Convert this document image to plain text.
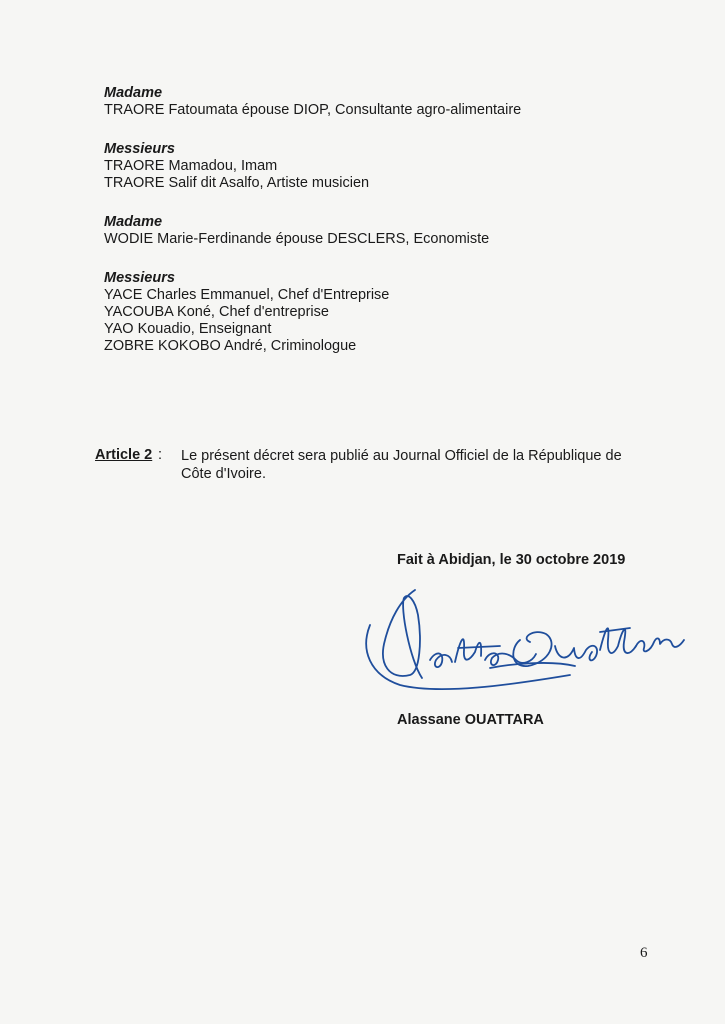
Madame
TRAORE Fatoumata épouse DIOP, Consultante agro-alimentaire
Messieurs
TRAORE Mamadou, Imam
TRAORE Salif dit Asalfo, Artiste musicien
Madame
WODIE Marie-Ferdinande épouse DESCLERS, Economiste
Messieurs
YACE Charles Emmanuel, Chef d'Entreprise
YACOUBA Koné, Chef d'entreprise
YAO Kouadio, Enseignant
ZOBRE KOKOBO André, Criminologue
Article 2 : Le présent décret sera publié au Journal Officiel de la République de Côte d'Ivoire.
Fait à Abidjan, le 30 octobre 2019
Alassane OUATTARA
6
